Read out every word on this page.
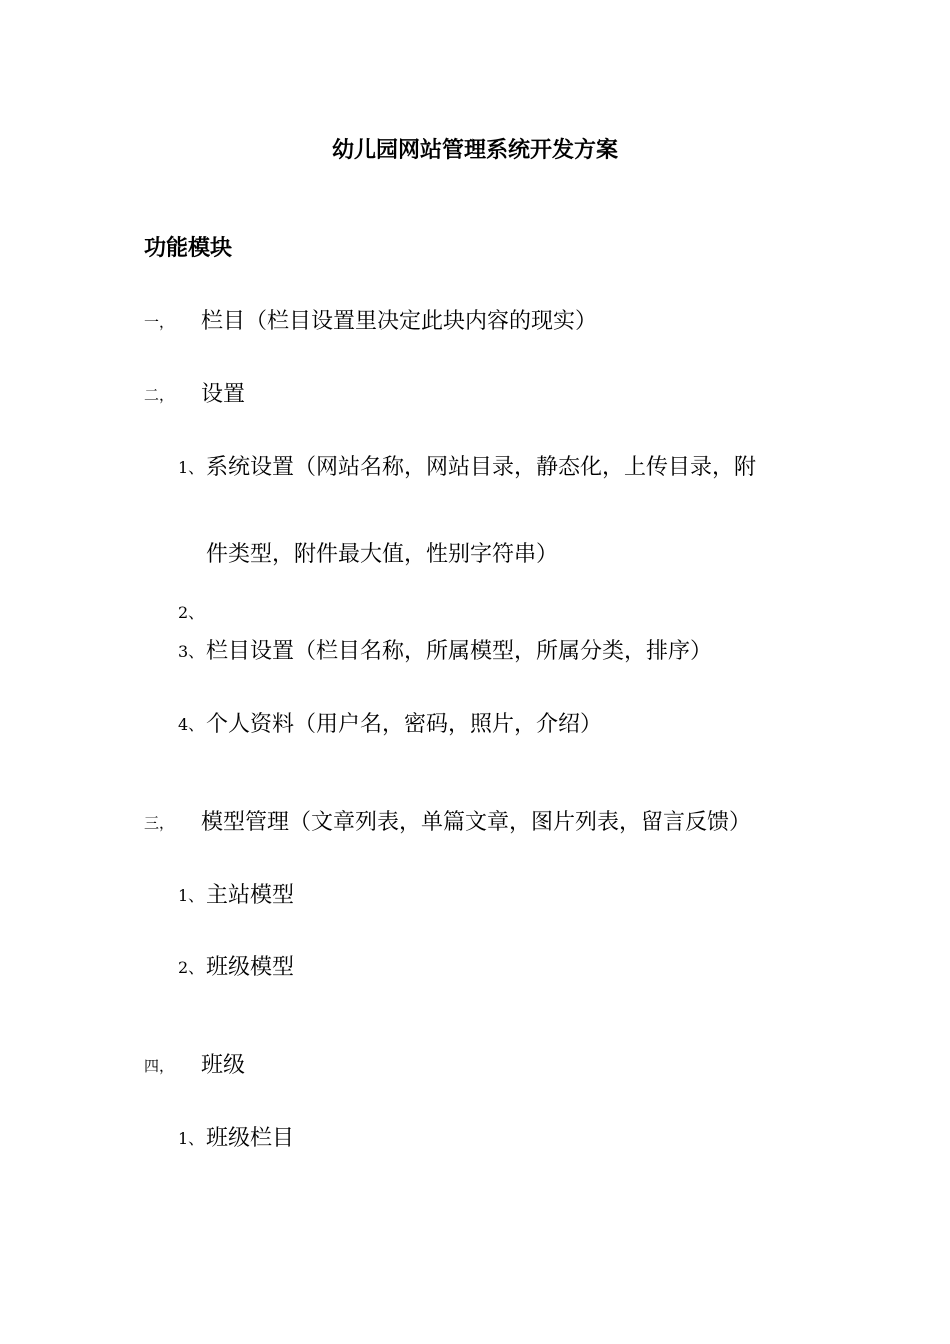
幼儿园网站管理系统开发方案
功能模块
一， 栏目（栏目设置里决定此块内容的现实）
二， 设置
1、系统设置（网站名称，网站目录，静态化，上传目录，附
件类型，附件最大值，性别字符串）
2、
3、栏目设置（栏目名称，所属模型，所属分类，排序）
4、个人资料（用户名，密码，照片，介绍）
三， 模型管理（文章列表，单篇文章，图片列表，留言反馈）
1、主站模型
2、班级模型
四， 班级
1、班级栏目
